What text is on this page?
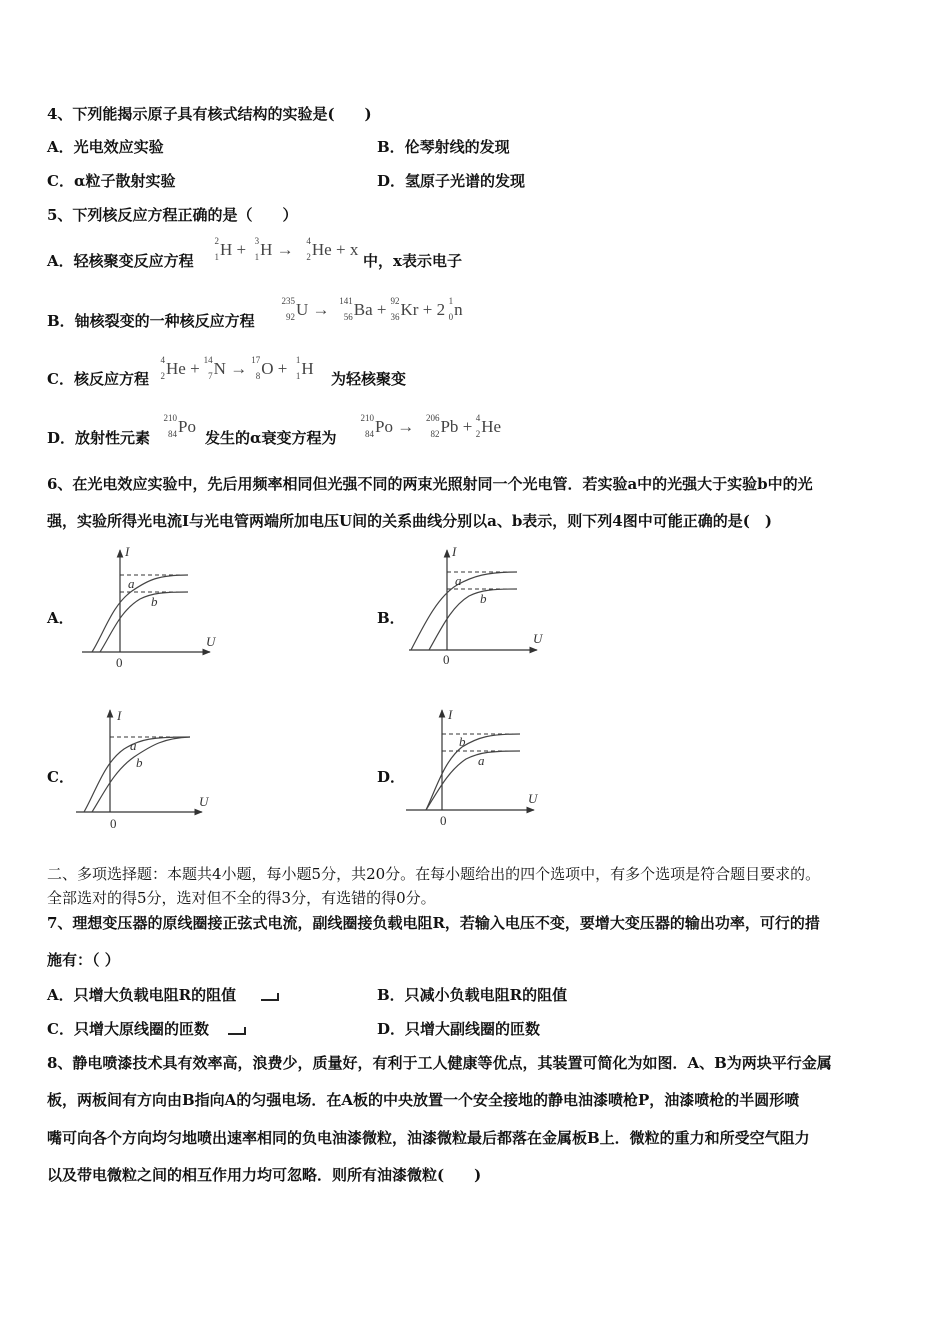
4、下列能揭示原子具有核式结构的实验是(　　)
A．光电效应实验	B．伦琴射线的发现
C．α粒子散射实验	D．氢原子光谱的发现
5、下列核反应方程正确的是（　　）
A．轻核聚变反应方程
2
1 H + 3
1 H → 4
2 He + x
中，x表示电子
B．铀核裂变的一种核反应方程
235
92 U → 141
56 Ba + 92
36 Kr + 2 1
0 n
C．核反应方程
4
2 He + 14
7 N → 17
8 O + 1
1 H
为轻核聚变
D．放射性元素
210
84 Po
发生的α衰变方程为
210
84 Po → 206
82 Pb + 4
2 He
6、在光电效应实验中，先后用频率相同但光强不同的两束光照射同一个光电管．若实验a中的光强大于实验b中的光
强，实验所得光电流I与光电管两端所加电压U间的关系曲线分别以a、b表示，则下列4图中可能正确的是(　)
A．	B．
C．	D．
I
U
0
a
b
I
U
0
a
b
I
U
0
a
b
I
U
0
b
a
二、多项选择题：本题共4小题，每小题5分，共20分。在每小题给出的四个选项中，有多个选项是符合题目要求的。
全部选对的得5分，选对但不全的得3分，有选错的得0分。
7、理想变压器的原线圈接正弦式电流，副线圈接负载电阻R，若输入电压不变，要增大变压器的输出功率，可行的措
施有：（ ）
A．只增大负载电阻R的阻值	B．只减小负载电阻R的阻值
C．只增大原线圈的匝数	D．只增大副线圈的匝数
8、静电喷漆技术具有效率高，浪费少，质量好，有利于工人健康等优点，其装置可简化为如图．A、B为两块平行金属
板，两板间有方向由B指向A的匀强电场．在A板的中央放置一个安全接地的静电油漆喷枪P，油漆喷枪的半圆形喷
嘴可向各个方向均匀地喷出速率相同的负电油漆微粒，油漆微粒最后都落在金属板B上．微粒的重力和所受空气阻力
以及带电微粒之间的相互作用力均可忽略．则所有油漆微粒(　　)
